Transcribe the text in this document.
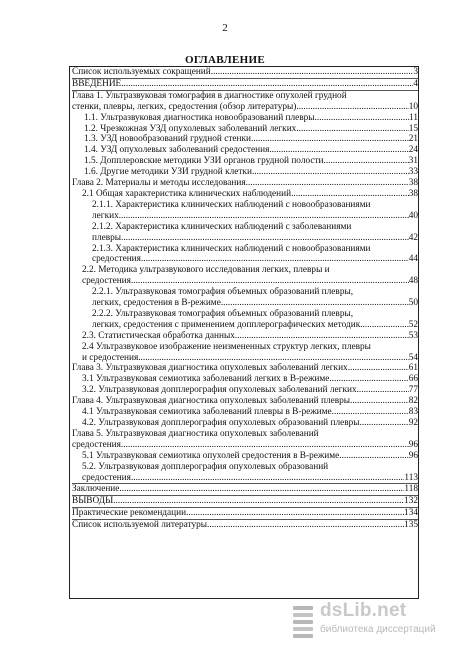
2
ОГЛАВЛЕНИЕ
Список используемых сокращений .....	3
ВВЕДЕНИЕ .....	4
Глава 1. Ультразвуковая томография в диагностике опухолей грудной
стенки, плевры, легких, средостения (обзор литературы) .....	10
1.1. Ультразвуковая диагностика новообразований плевры .....	11
1.2. Чрезкожная УЗД опухолевых заболеваний легких .....	15
1.3. УЗД новообразований грудной стенки .....	21
1.4. УЗД опухолевых заболеваний средостения .....	24
1.5. Допплеровские методики УЗИ органов грудной полости. .....	31
1.6. Другие методики УЗИ грудной клетки .....	33
Глава 2. Материалы и методы исследования. .....	38
2.1 Общая характеристика клинических наблюдений .....	38
2.1.1. Характеристика клинических наблюдений с новообразованиями
легких .....	40
2.1.2. Характеристика клинических наблюдений с заболеваниями
плевры .....	42
2.1.3. Характеристика клинических наблюдений с новообразованиями
средостения .....	44
2.2. Методика ультразвукового исследования легких, плевры и
средостения .....	48
2.2.1. Ультразвуковая томография объемных образований плевры,
легких, средостения в В-режиме .....	50
2.2.2. Ультразвуковая томография объемных образований плевры,
легких, средостения с применением допплерографических методик .....	52
2.3. Статистическая обработка данных .....	53
2.4 Ультразвуковое изображение неизмененных структур легких, плевры
и средостения .....	54
Глава 3. Ультразвуковая диагностика опухолевых заболеваний легких .....	61
3.1 Ультразвуковая семиотика заболеваний легких в В-режиме .....	66
3.2. Ультразвуковая допплерография опухолевых заболеваний легких .....	77
Глава 4. Ультразвуковая диагностика опухолевых заболеваний плевры .....	82
4.1 Ультразвуковая семиотика заболеваний плевры в В-режиме .....	83
4.2. Ультразвуковая допплерография опухолевых образований плевры .....	92
Глава 5. Ультразвуковая диагностика опухолевых заболеваний
средостения. .....	96
5.1 Ультразвуковая семиотика опухолей средостения в В-режиме .....	96
5.2. Ультразвуковая допплерография опухолевых образований
средостения .....	113
Заключение .....	118
ВЫВОДЫ .....	132
Практические рекомендации .....	134
Список используемой литературы .....	135
dsLib.net
библиотека диссертаций
